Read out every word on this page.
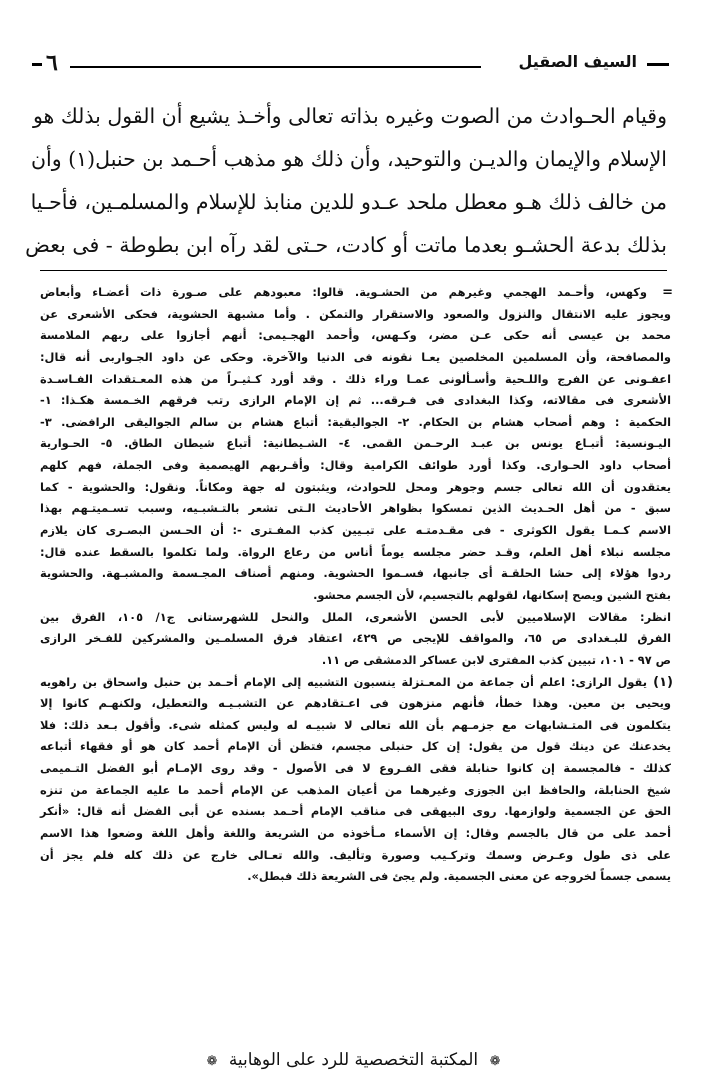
السيف الصقيل
٦

وقيام الحـوادث من الصوت وغيره بذاته تعالى وأخـذ يشيع أن القول بذلك هو

الإسلام والإيمان والديـن والتوحيد، وأن ذلك هو مذهب أحـمد بن حنبل(١) وأن

من خالف ذلك هـو معطل ملحد عـدو للدين منابذ للإسلام والمسلمـين، فأحـيا

بذلك بدعة الحشـو بعدما ماتت أو كادت، حـتى لقد رآه ابن بطوطة - فى بعض

=
وكهس، وأحـمد الهجمي وغيرهم من الحشـوية. قالوا: معبودهم على صـورة ذات أعضـاء وأبعاض
ويجوز عليه الانتقال والنزول والصعود والاستقرار والتمكن . وأما مشبهة الحشوية، فحكى الأشعرى عن
محمد بن عيسى أنه حكى عـن مضر، وكـهس، وأحمد الهجـيمى: أنهم أجازوا على ربهم الملامسة
والمصافحة، وأن المسلمين المخلصين يعـا نقونه فى الدنيا والآخرة. وحكى عن داود الجـواربى أنه قال:
اعفـونى عن الفرج واللـحية وأسـألونى عمـا وراء ذلك . وقد أورد كـثيـراً من هذه المعـتقدات الفـاسـدة
الأشعرى فى مقالاته، وكذا البغدادى فى فـرقه... ثم إن الإمام الرازى رتب فرقهم الخـمسة هكـذا: ١-
الحكمية : وهم أصحاب هشام بن الحكام. ٢- الجواليقية: أتباع هشام بن سالم الجواليقى الرافضى. ٣-
اليـونسية: أتبـاع يونس بن عبـد الرحـمن القمى. ٤- الشـيطانية: أتباع شيطان الطاق. ٥- الحـوارية
أصحاب داود الحـوارى. وكذا أورد طوائف الكرامية وقال: وأقـربهم الهيصمية وفى الجملة، فهم كلهم
يعتقدون أن الله تعالى جسم وجوهر ومحل للحوادث، ويثبتون له جهة ومكاناً. ونقول: والحشوية - كما
سبق - من أهل الحـديث الذين تمسكوا بظواهر الأحاديث الـتى تشعر بالتـشبـيه، وسبب تسـميتـهم بهذا
الاسم كـمـا يقول الكوثرى - فى مقـدمتـه على تبـيين كذب المفـترى -: أن الحـسن البصـرى كان يلازم
مجلسه نبلاء أهل العلم، وقـد حضر مجلسه يوماً أناس من رعاع الرواة. ولما تكلموا بالسقط عنده قال:
ردوا هؤلاء إلى حشا الحلقـة أى جانبها، فسـموا الحشوية. ومنهم أصناف المجـسمة والمشبـهة. والحشوية
بفتح الشين ويصح إسكانها، لقولهم بالتجسيم، لأن الجسم محشو.
انظر: مقالات الإسلاميين لأبى الحسن الأشعرى، الملل والنحل للشهرستانى ج١/ ١٠٥، الفرق بين
الفرق للبـغدادى ص ٦٥، والمواقف للإيجى ص ٤٢٩، اعتقاد فرق المسلمـين والمشركين للفـخر الرازى
ص ٩٧ - ١٠١، تبيين كذب المفترى لابن عساكر الدمشقى ص ١١.
(١)
يقول الرازى: اعلم أن جماعة من المعـتزلة ينسبون التشبيه إلى الإمام أحـمد بن حنبل واسحاق بن راهويه
ويحيى بن معين. وهذا خطأ، فأنهم منزهون فى اعـتقادهم عن التشبـيـه والتعطيل، ولكنهـم كانوا إلا
يتكلمون فى المتـشابهات مع جزمـهم بأن الله تعالى لا شبيـه له وليس كمثله شىء. وأقول بـعد ذلك: فلا
يخدعنك عن دينك قول من يقول: إن كل حنبلى مجسم، فتظن أن الإمام أحمد كان هو أو فقهاء أتباعه
كذلك - فالمجسمة إن كانوا حنابلة فقى الفـروع لا فى الأصول - وقد روى الإمـام أبو الفضل التـميمى
شيخ الحنابلة، والحافظ ابن الجوزى وغيرهما من أعيان المذهب عن الإمام أحمد ما عليه الجماعة من تنزه
الحق عن الجسمية ولوازمها. روى البيهقى فى مناقب الإمام أحـمد بسنده عن أبى الفضل أنه قال: «أنكر
أحمد على من قال بالجسم وقال: إن الأسماء مـأخوذه من الشريعة واللغة وأهل اللغة وضعوا هذا الاسم
على ذى طول وعـرض وسمك وتركـيب وصورة وتأليف. والله تعـالى خارج عن ذلك كله فلم يجز أن
يسمى جسماً لخروجه عن معنى الجسمية. ولم يجئ فى الشريعة ذلك فبطل».
❁ المكتبة التخصصية للرد على الوهابية ❁
